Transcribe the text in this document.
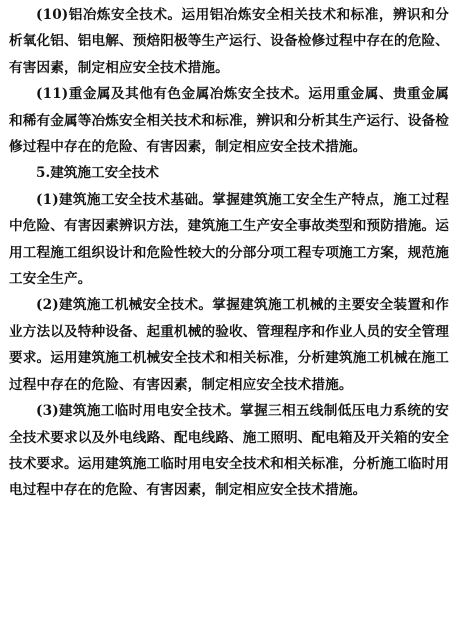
(10)铝冶炼安全技术。运用铝冶炼安全相关技术和标准，辨识和分析氧化铝、铝电解、预焙阳极等生产运行、设备检修过程中存在的危险、有害因素，制定相应安全技术措施。

(11)重金属及其他有色金属冶炼安全技术。运用重金属、贵重金属和稀有金属等冶炼安全相关技术和标准，辨识和分析其生产运行、设备检修过程中存在的危险、有害因素，制定相应安全技术措施。

5.建筑施工安全技术

(1)建筑施工安全技术基础。掌握建筑施工安全生产特点，施工过程中危险、有害因素辨识方法，建筑施工生产安全事故类型和预防措施。运用工程施工组织设计和危险性较大的分部分项工程专项施工方案，规范施工安全生产。

(2)建筑施工机械安全技术。掌握建筑施工机械的主要安全装置和作业方法以及特种设备、起重机械的验收、管理程序和作业人员的安全管理要求。运用建筑施工机械安全技术和相关标准，分析建筑施工机械在施工过程中存在的危险、有害因素，制定相应安全技术措施。

(3)建筑施工临时用电安全技术。掌握三相五线制低压电力系统的安全技术要求以及外电线路、配电线路、施工照明、配电箱及开关箱的安全技术要求。运用建筑施工临时用电安全技术和相关标准，分析施工临时用电过程中存在的危险、有害因素，制定相应安全技术措施。
